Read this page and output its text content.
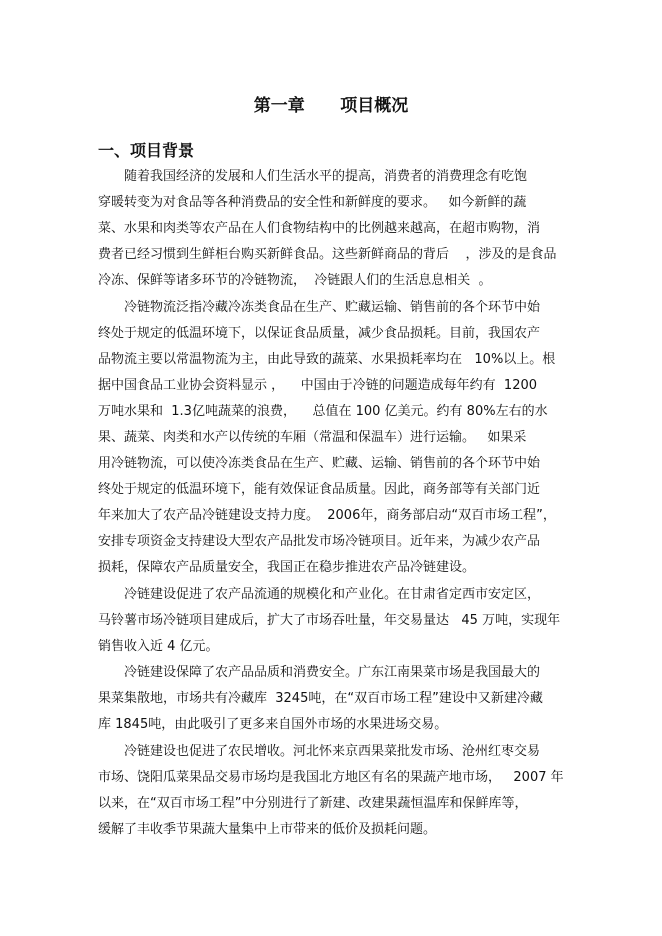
第一章      项目概况
一、项目背景
随着我国经济的发展和人们生活水平的提高，消费者的消费理念有吃饱
穿暖转变为对食品等各种消费品的安全性和新鲜度的要求。   如今新鲜的蔬
菜、水果和肉类等农产品在人们食物结构中的比例越来越高，在超市购物，消
费者已经习惯到生鲜柜台购买新鲜食品。这些新鲜商品的背后    ，涉及的是食品
冷冻、保鲜等诸多环节的冷链物流，  冷链跟人们的生活息息相关  。
冷链物流泛指冷藏冷冻类食品在生产、贮藏运输、销售前的各个环节中始
终处于规定的低温环境下，以保证食品质量，减少食品损耗。目前，我国农产
品物流主要以常温物流为主，由此导致的蔬菜、水果损耗率均在   10%以上。根
据中国食品工业协会资料显示 ，    中国由于冷链的问题造成每年约有  1200
万吨水果和  1.3亿吨蔬菜的浪费，    总值在 100 亿美元。约有 80%左右的水
果、蔬菜、肉类和水产以传统的车厢（常温和保温车）进行运输。   如果采
用冷链物流，可以使冷冻类食品在生产、贮藏、运输、销售前的各个环节中始
终处于规定的低温环境下，能有效保证食品质量。因此，商务部等有关部门近
年来加大了农产品冷链建设支持力度。  2006年，商务部启动“双百市场工程”，
安排专项资金支持建设大型农产品批发市场冷链项目。近年来，为减少农产品
损耗，保障农产品质量安全，我国正在稳步推进农产品冷链建设。
冷链建设促进了农产品流通的规模化和产业化。在甘肃省定西市安定区，
马铃薯市场冷链项目建成后，扩大了市场吞吐量，年交易量达   45 万吨，实现年
销售收入近 4 亿元。
冷链建设保障了农产品品质和消费安全。广东江南果菜市场是我国最大的
果菜集散地，市场共有冷藏库  3245吨，在“双百市场工程”建设中又新建冷藏
库 1845吨，由此吸引了更多来自国外市场的水果进场交易。
冷链建设也促进了农民增收。河北怀来京西果菜批发市场、沧州红枣交易
市场、饶阳瓜菜果品交易市场均是我国北方地区有名的果蔬产地市场，   2007 年
以来，在“双百市场工程”中分别进行了新建、改建果蔬恒温库和保鲜库等，
缓解了丰收季节果蔬大量集中上市带来的低价及损耗问题。
